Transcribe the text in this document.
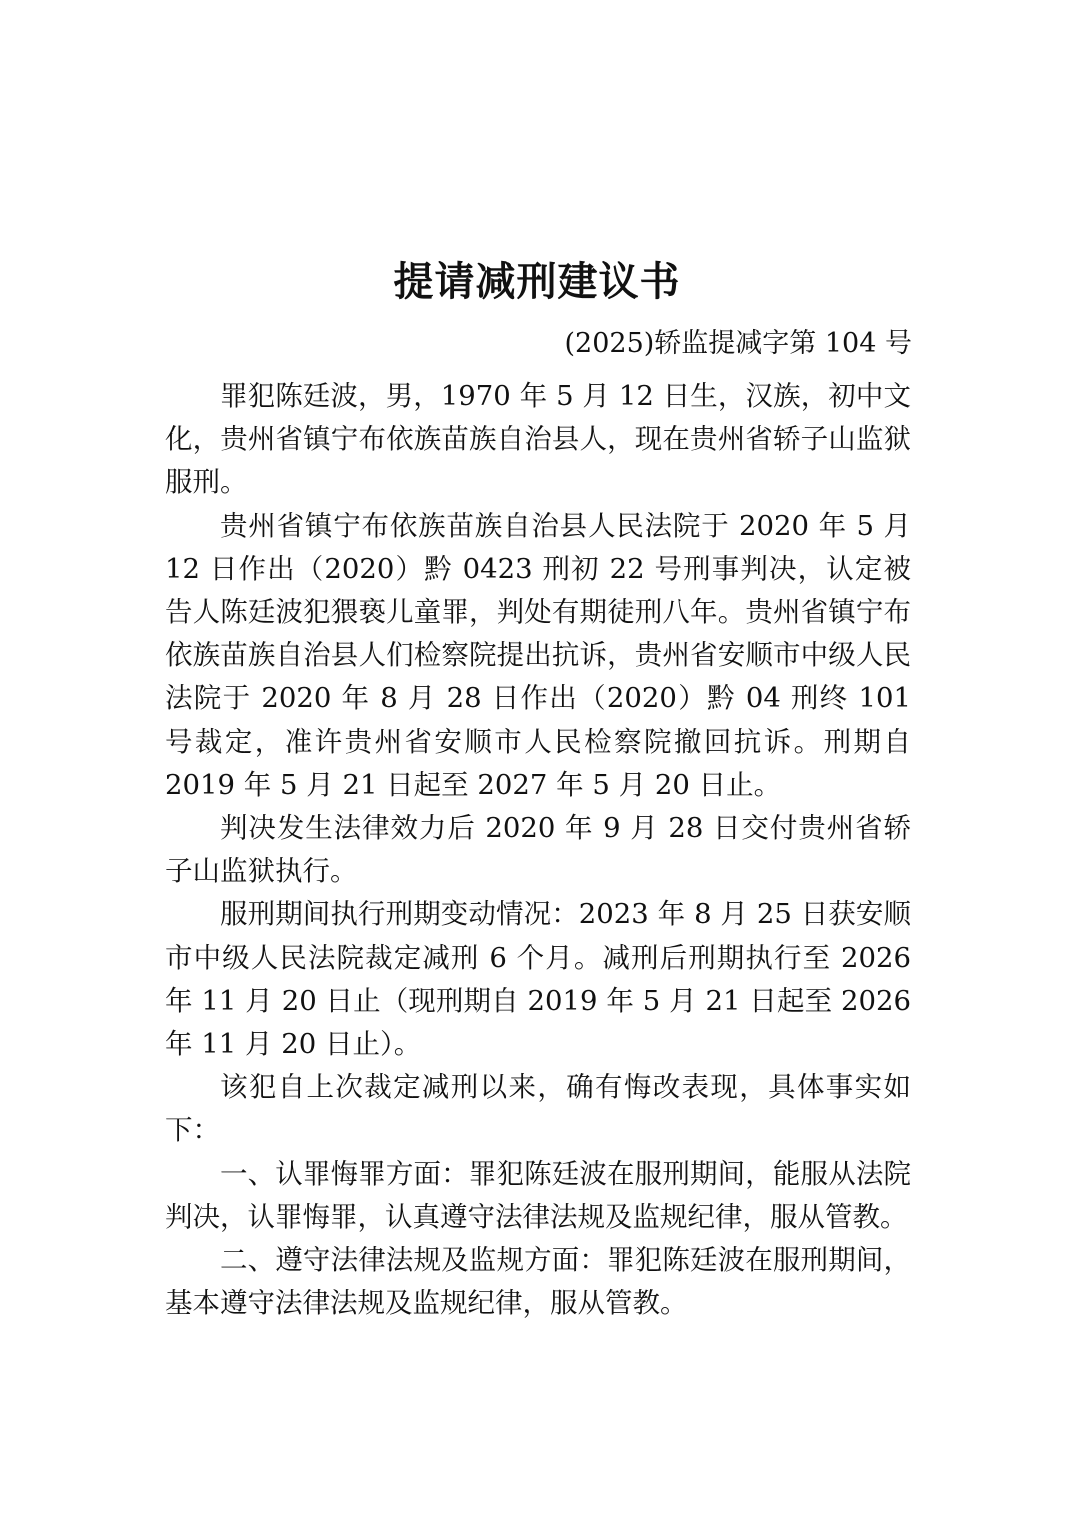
提请减刑建议书
(2025)轿监提减字第 104 号

罪犯陈廷波，男，1970 年 5 月 12 日生，汉族，初中文化，贵州省镇宁布依族苗族自治县人，现在贵州省轿子山监狱服刑。

贵州省镇宁布依族苗族自治县人民法院于 2020 年 5 月 12 日作出（2020）黔 0423 刑初 22 号刑事判决，认定被告人陈廷波犯猥亵儿童罪，判处有期徒刑八年。贵州省镇宁布依族苗族自治县人们检察院提出抗诉，贵州省安顺市中级人民法院于 2020 年 8 月 28 日作出（2020）黔 04 刑终 101 号裁定，准许贵州省安顺市人民检察院撤回抗诉。刑期自 2019 年 5 月 21 日起至 2027 年 5 月 20 日止。

判决发生法律效力后 2020 年 9 月 28 日交付贵州省轿子山监狱执行。

服刑期间执行刑期变动情况：2023 年 8 月 25 日获安顺市中级人民法院裁定减刑 6 个月。减刑后刑期执行至 2026 年 11 月 20 日止（现刑期自 2019 年 5 月 21 日起至 2026 年 11 月 20 日止）。

该犯自上次裁定减刑以来，确有悔改表现，具体事实如下：

一、认罪悔罪方面：罪犯陈廷波在服刑期间，能服从法院判决，认罪悔罪，认真遵守法律法规及监规纪律，服从管教。

二、遵守法律法规及监规方面：罪犯陈廷波在服刑期间，基本遵守法律法规及监规纪律，服从管教。
